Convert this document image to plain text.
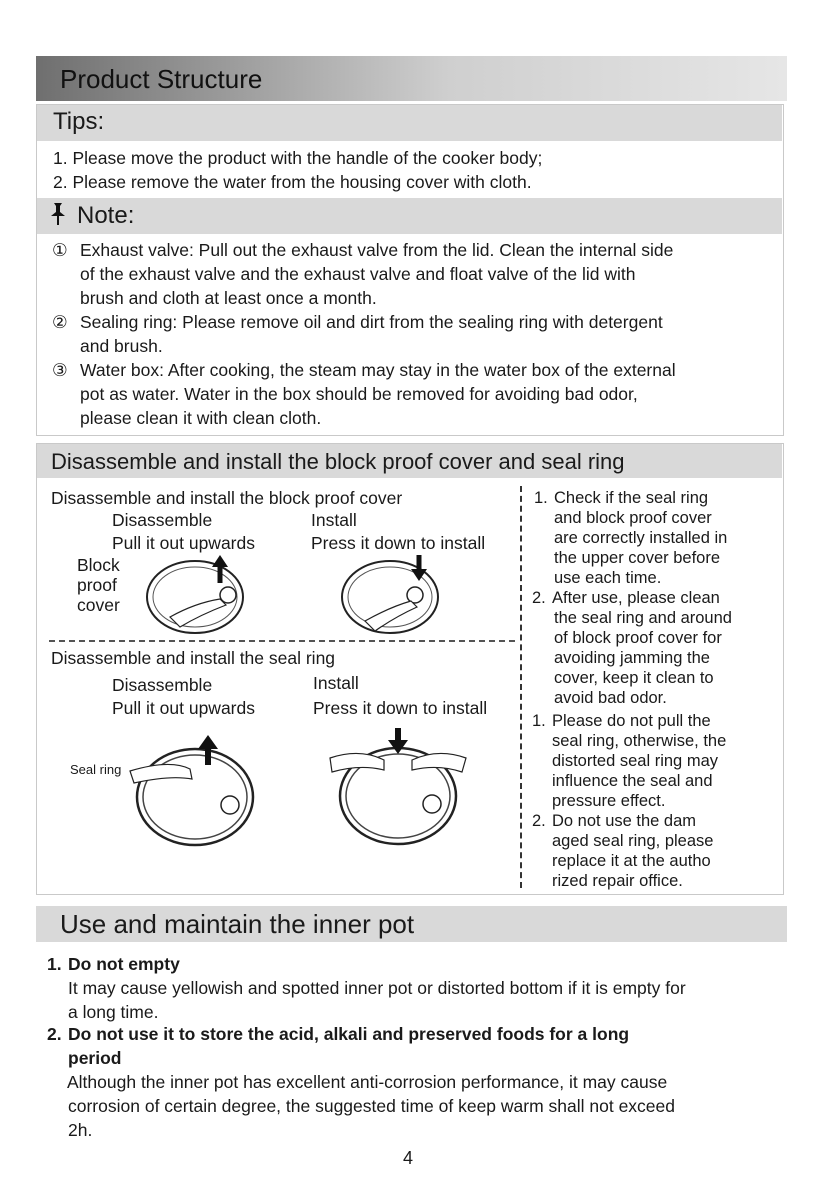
Product Structure
Tips:
1. Please move the product with the handle of the cooker body;
2. Please remove the water from the housing cover with cloth.
Note:
① Exhaust valve: Pull out the exhaust valve from the lid. Clean the internal side
of the exhaust valve and the exhaust valve and float valve of the lid with
brush and cloth at least once a month.
② Sealing ring: Please remove oil and dirt from the sealing ring with detergent
and brush.
③ Water box: After cooking, the steam may stay in the water box of the external
pot as water. Water in the box should be removed for avoiding bad odor,
please clean it with clean cloth.
Disassemble and install the block proof cover and seal ring
Disassemble and install the block proof cover
Disassemble
Pull it out upwards
Install
Press it down to install
Block
proof
cover
Disassemble and install the seal ring
Disassemble
Pull it out upwards
Install
Press it down to install
Seal ring
1. Check if the seal ring
and block proof cover
are correctly installed in
the upper cover before
use each time.
2. After use, please clean
the seal ring and around
of block proof cover for
avoiding jamming the
cover, keep it clean to
avoid bad odor.
1. Please do not pull the
seal ring, otherwise, the
distorted seal ring may
influence the seal and
pressure effect.
2. Do not use the dam
aged seal ring, please
replace it at the autho
rized repair office.
Use and maintain the inner pot
1. Do not empty
It may cause yellowish and spotted inner pot or distorted bottom if it is empty for
a long time.
2. Do not use it to store the acid, alkali and preserved foods for a long
period
Although the inner pot has excellent anti-corrosion performance, it may cause
corrosion of certain degree, the suggested time of keep warm shall not exceed
2h.
4
